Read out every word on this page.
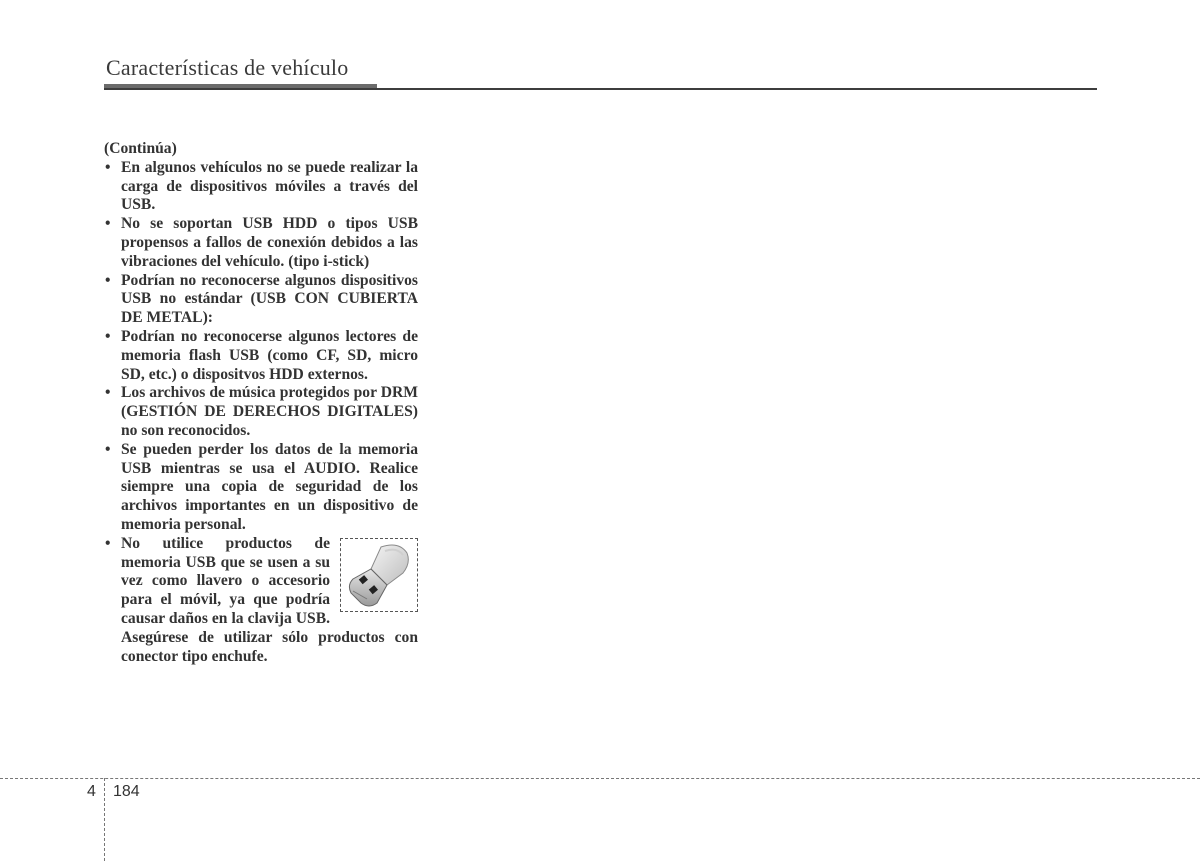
Características de vehículo
(Continúa)
• En algunos vehículos no se puede realizar la carga de dispositivos móviles a través del USB.
• No se soportan USB HDD o tipos USB propensos a fallos de conexión debidos a las vibraciones del vehículo. (tipo i-stick)
• Podrían no reconocerse algunos dispositivos USB no estándar (USB CON CUBIERTA DE METAL):
• Podrían no reconocerse algunos lectores de memoria flash USB (como CF, SD, micro SD, etc.) o dispositvos HDD externos.
• Los archivos de música protegidos por DRM (GESTIÓN DE DERECHOS DIGITALES) no son reconocidos.
• Se pueden perder los datos de la memoria USB mientras se usa el AUDIO. Realice siempre una copia de seguridad de los archivos importantes en un dispositivo de memoria personal.
• No utilice productos de memoria USB que se usen a su vez como llavero o accesorio para el móvil, ya que podría causar daños en la clavija USB. Asegúrese de utilizar sólo productos con conector tipo enchufe.
4 184
